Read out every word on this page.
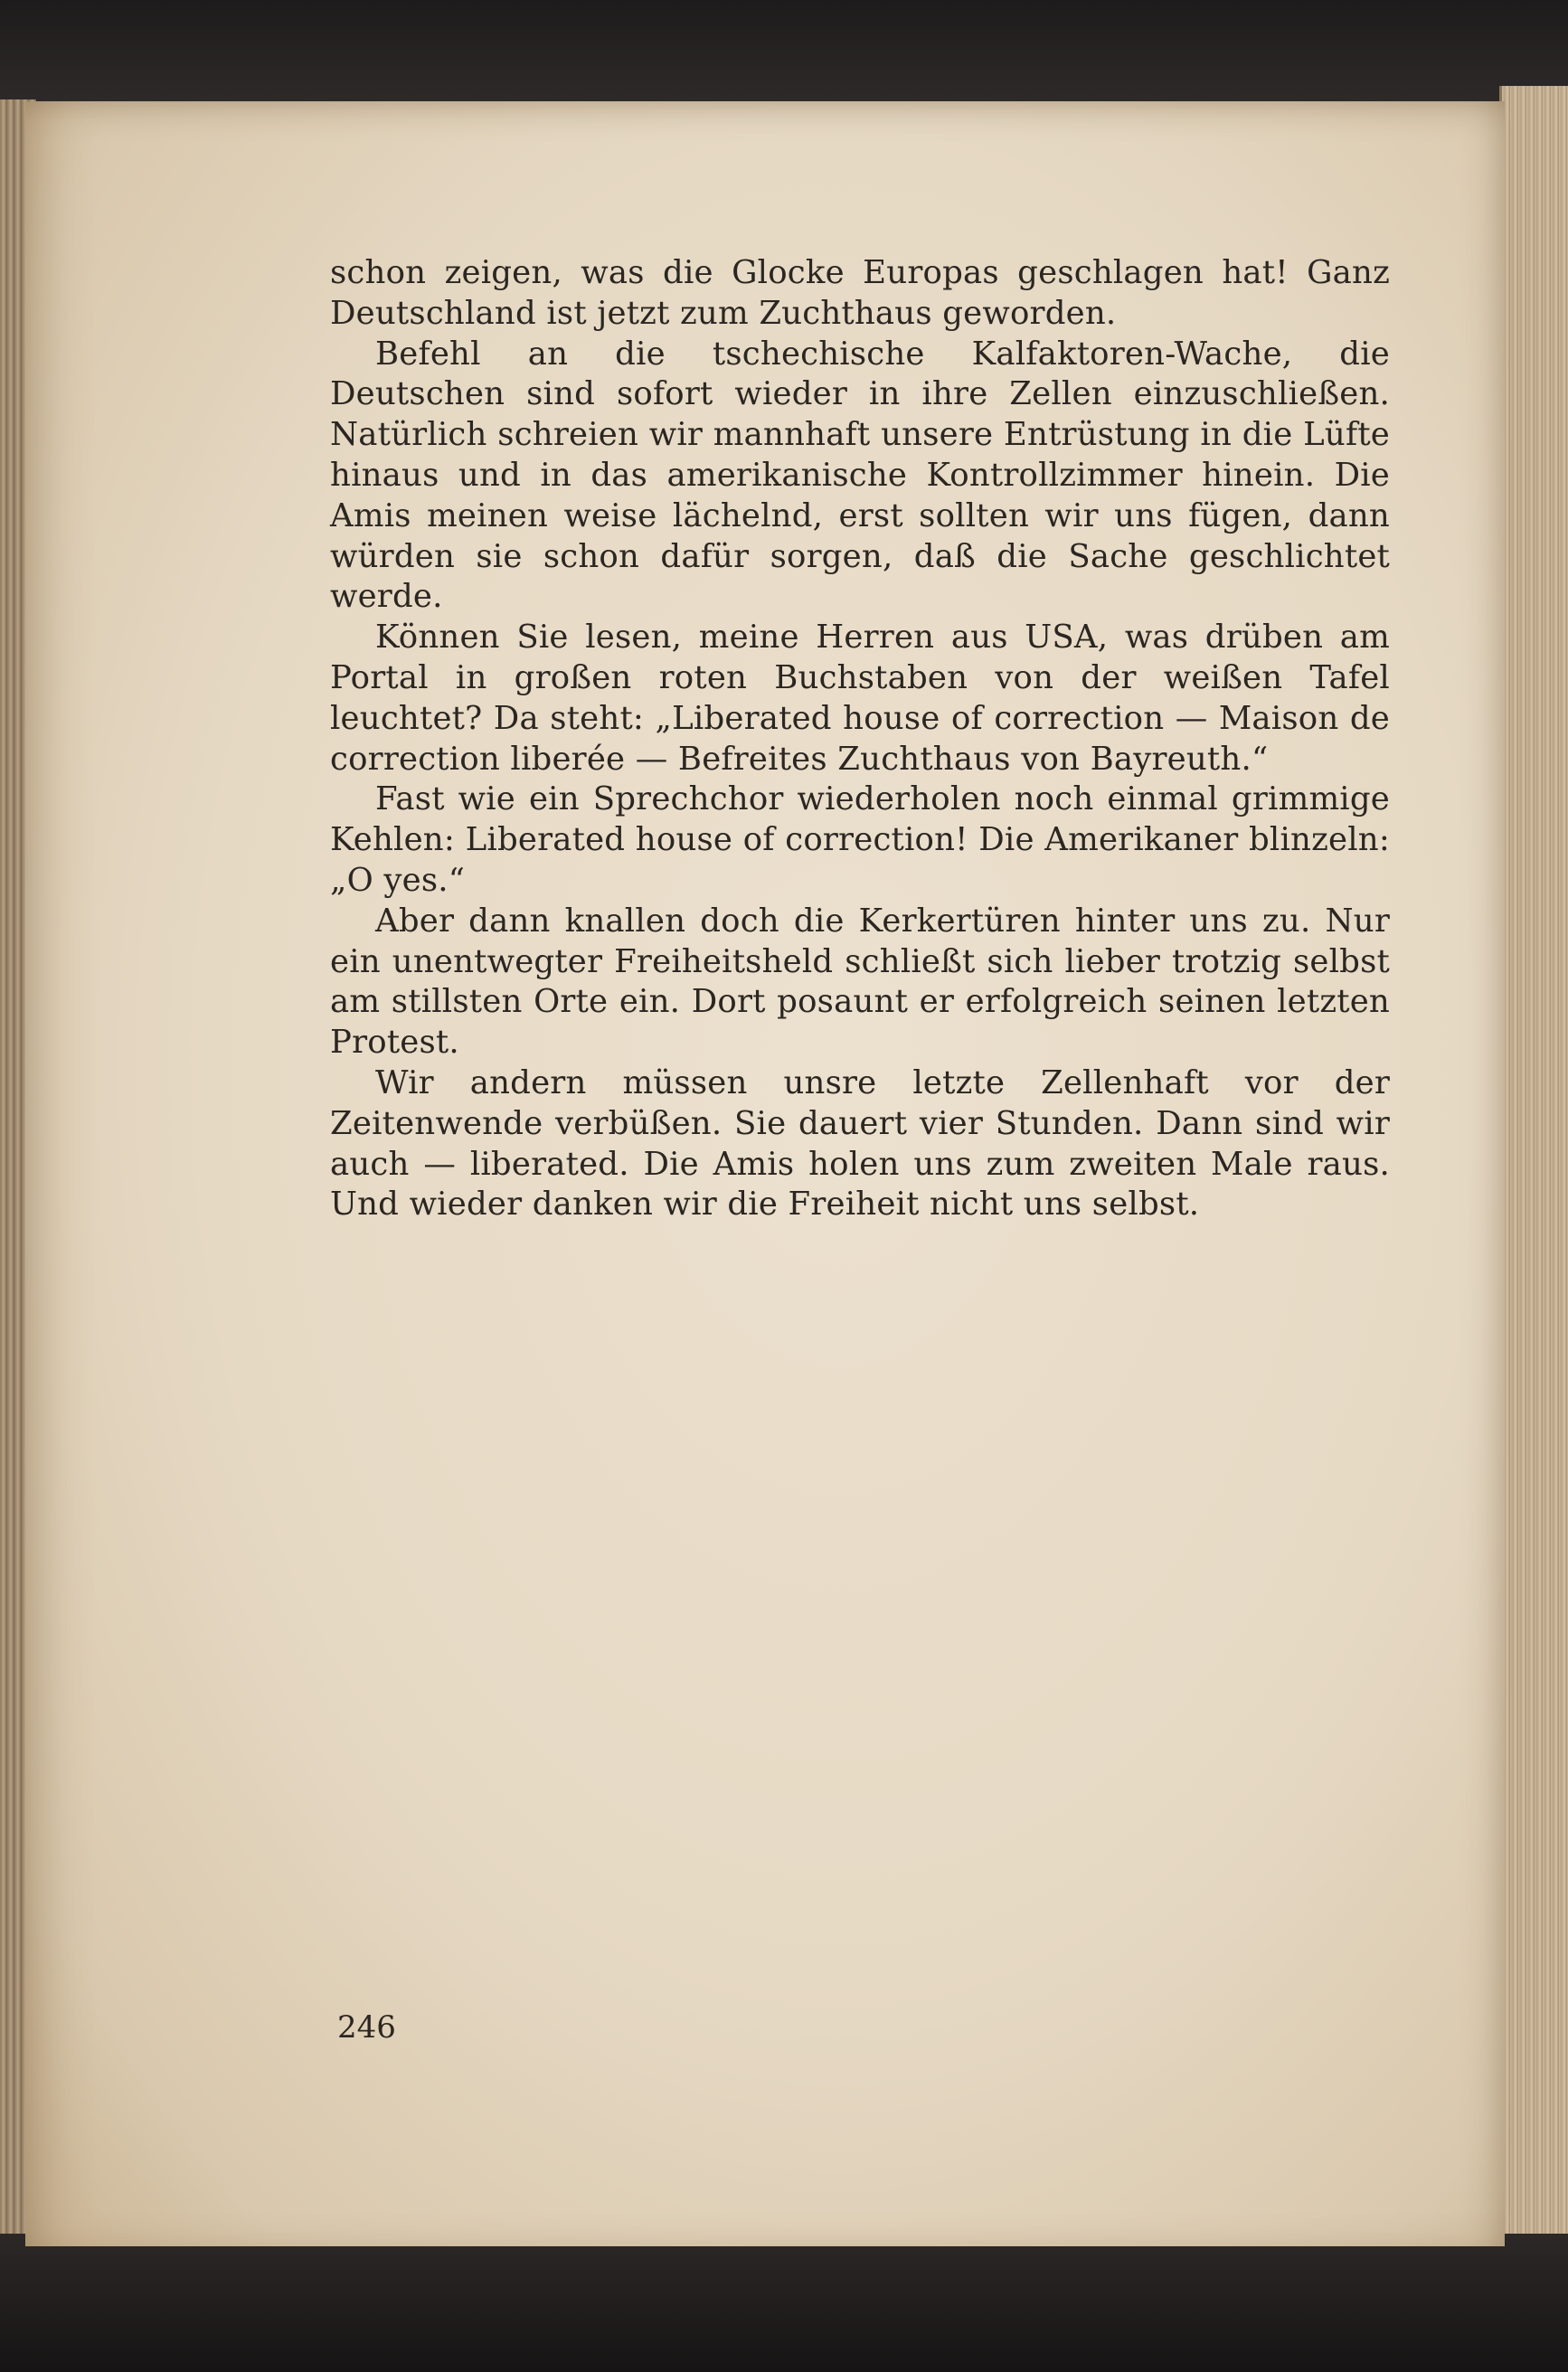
schon zeigen, was die Glocke Europas geschlagen hat! Ganz Deutschland ist jetzt zum Zuchthaus geworden.

Befehl an die tschechische Kalfaktoren-Wache, die Deutschen sind sofort wieder in ihre Zellen einzuschließen. Natürlich schreien wir mannhaft unsere Entrüstung in die Lüfte hinaus und in das amerikanische Kontrollzimmer hinein. Die Amis meinen weise lächelnd, erst sollten wir uns fügen, dann würden sie schon dafür sorgen, daß die Sache geschlichtet werde.

Können Sie lesen, meine Herren aus USA, was drüben am Portal in großen roten Buchstaben von der weißen Tafel leuchtet? Da steht: „Liberated house of correction — Maison de correction liberée — Befreites Zuchthaus von Bayreuth.“

Fast wie ein Sprechchor wiederholen noch einmal grimmige Kehlen: Liberated house of correction! Die Amerikaner blinzeln: „O yes.“

Aber dann knallen doch die Kerkertüren hinter uns zu. Nur ein unentwegter Freiheitsheld schließt sich lieber trotzig selbst am stillsten Orte ein. Dort posaunt er erfolgreich seinen letzten Protest.

Wir andern müssen unsre letzte Zellenhaft vor der Zeitenwende verbüßen. Sie dauert vier Stunden. Dann sind wir auch — liberated. Die Amis holen uns zum zweiten Male raus. Und wieder danken wir die Freiheit nicht uns selbst.

246
